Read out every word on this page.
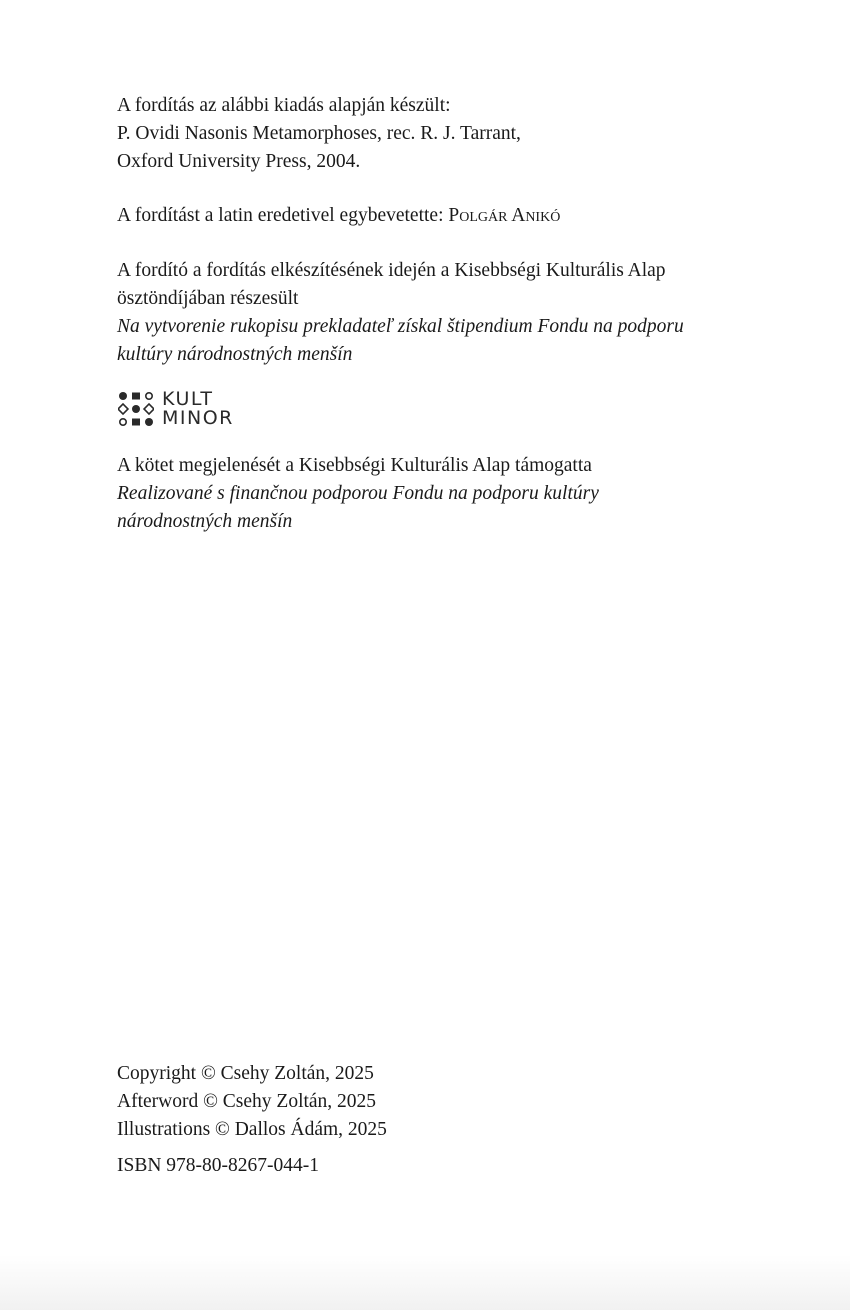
A fordítás az alábbi kiadás alapján készült:
P. Ovidi Nasonis Metamorphoses, rec. R. J. Tarrant,
Oxford University Press, 2004.
A fordítást a latin eredetivel egybevetette: Polgár Anikó
A fordító a fordítás elkészítésének idején a Kisebbségi Kulturális Alap
ösztöndíjában részesült
Na vytvorenie rukopisu prekladateľ získal štipendium Fondu na podporu
kultúry národnostných menšín
KULT
MINOR
A kötet megjelenését a Kisebbségi Kulturális Alap támogatta
Realizované s finančnou podporou Fondu na podporu kultúry
národnostných menšín
Copyright © Csehy Zoltán, 2025
Afterword © Csehy Zoltán, 2025
Illustrations © Dallos Ádám, 2025
ISBN 978-80-8267-044-1
